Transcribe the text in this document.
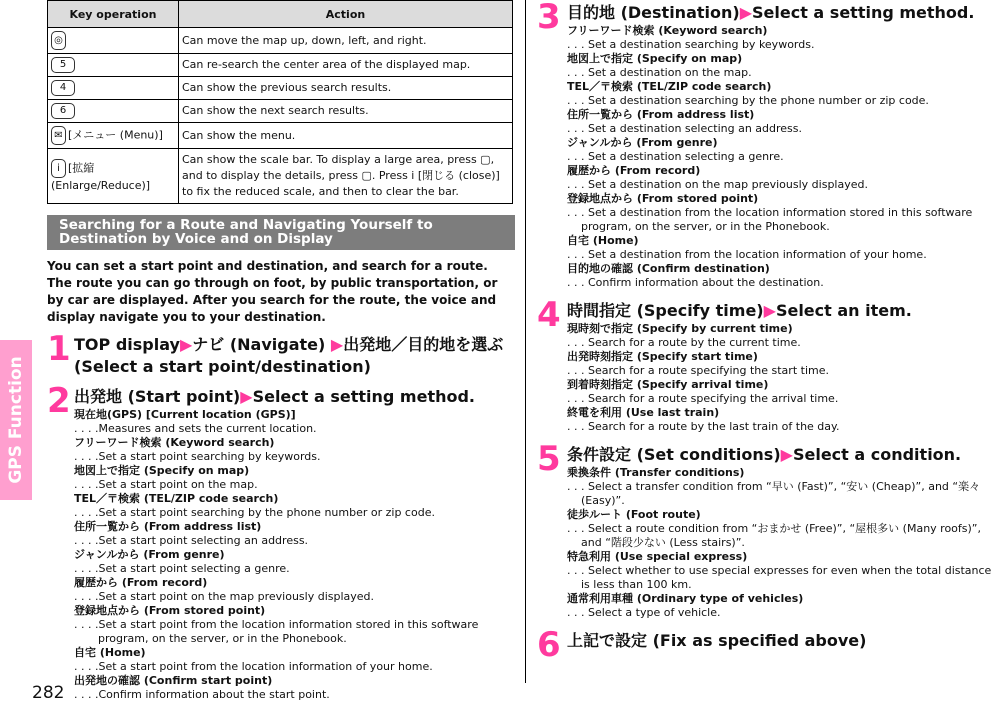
GPS Function
282
Key operation	Action
◎	Can move the map up, down, left, and right.
5	Can re-search the center area of the displayed map.
4	Can show the previous search results.
6	Can show the next search results.
✉ [メニュー (Menu)]	Can show the menu.
i [拡縮 (Enlarge/Reduce)]	Can show the scale bar. To display a large area, press ▢, and to display the details, press ▢. Press i [閉じる (close)] to fix the reduced scale, and then to clear the bar.
Searching for a Route and Navigating Yourself to Destination by Voice and on Display
You can set a start point and destination, and search for a route. The route you can go through on foot, by public transportation, or by car are displayed. After you search for the route, the voice and display navigate you to your destination.
1 TOP display▶ナビ (Navigate) ▶出発地／目的地を選ぶ (Select a start point/destination)
2 出発地 (Start point)▶Select a setting method.
現在地(GPS) [Current location (GPS)]
. . . .Measures and sets the current location.
フリーワード検索 (Keyword search)
. . . .Set a start point searching by keywords.
地図上で指定 (Specify on map)
. . . .Set a start point on the map.
TEL／〒検索 (TEL/ZIP code search)
. . . .Set a start point searching by the phone number or zip code.
住所一覧から (From address list)
. . . .Set a start point selecting an address.
ジャンルから (From genre)
. . . .Set a start point selecting a genre.
履歴から (From record)
. . . .Set a start point on the map previously displayed.
登録地点から (From stored point)
. . . .Set a start point from the location information stored in this software program, on the server, or in the Phonebook.
自宅 (Home)
. . . .Set a start point from the location information of your home.
出発地の確認 (Confirm start point)
. . . .Confirm information about the start point.
3 目的地 (Destination)▶Select a setting method.
フリーワード検索 (Keyword search)
. . . Set a destination searching by keywords.
地図上で指定 (Specify on map)
. . . Set a destination on the map.
TEL／〒検索 (TEL/ZIP code search)
. . . Set a destination searching by the phone number or zip code.
住所一覧から (From address list)
. . . Set a destination selecting an address.
ジャンルから (From genre)
. . . Set a destination selecting a genre.
履歴から (From record)
. . . Set a destination on the map previously displayed.
登録地点から (From stored point)
. . . Set a destination from the location information stored in this software program, on the server, or in the Phonebook.
自宅 (Home)
. . . Set a destination from the location information of your home.
目的地の確認 (Confirm destination)
. . . Confirm information about the destination.
4 時間指定 (Specify time)▶Select an item.
現時刻で指定 (Specify by current time)
. . . Search for a route by the current time.
出発時刻指定 (Specify start time)
. . . Search for a route specifying the start time.
到着時刻指定 (Specify arrival time)
. . . Search for a route specifying the arrival time.
終電を利用 (Use last train)
. . . Search for a route by the last train of the day.
5 条件設定 (Set conditions)▶Select a condition.
乗換条件 (Transfer conditions)
. . . Select a transfer condition from “早い (Fast)”, “安い (Cheap)”, and “楽々 (Easy)”.
徒歩ルート (Foot route)
. . . Select a route condition from “おまかせ (Free)”, “屋根多い (Many roofs)”, and “階段少ない (Less stairs)”.
特急利用 (Use special express)
. . . Select whether to use special expresses for even when the total distance is less than 100 km.
通常利用車種 (Ordinary type of vehicles)
. . . Select a type of vehicle.
6 上記で設定 (Fix as specified above)
